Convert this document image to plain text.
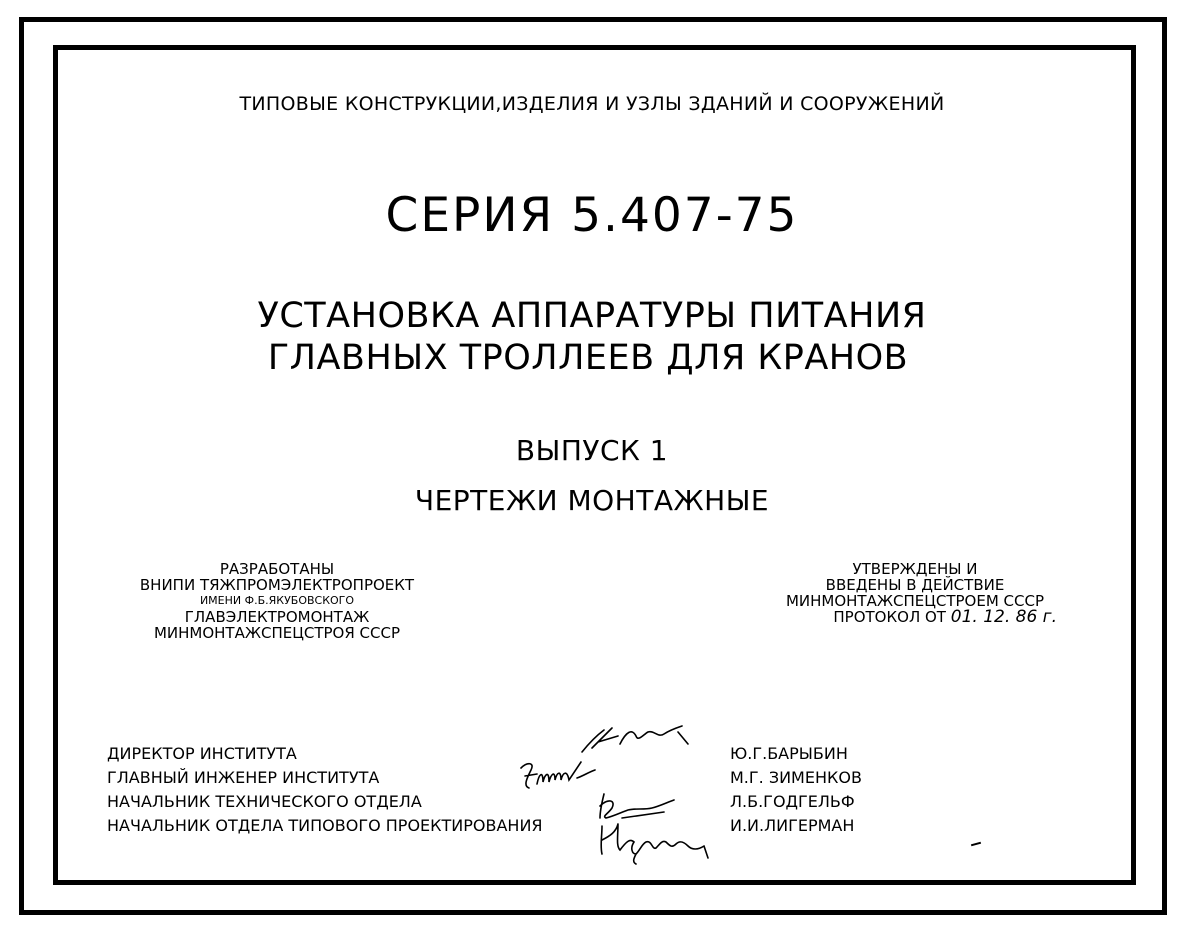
ТИПОВЫЕ КОНСТРУКЦИИ,ИЗДЕЛИЯ И УЗЛЫ ЗДАНИЙ И СООРУЖЕНИЙ
СЕРИЯ 5.407-75
УСТАНОВКА АППАРАТУРЫ ПИТАНИЯ
ГЛАВНЫХ ТРОЛЛЕЕВ ДЛЯ КРАНОВ
ВЫПУСК 1
ЧЕРТЕЖИ МОНТАЖНЫЕ
РАЗРАБОТАНЫ
ВНИПИ ТЯЖПРОМЭЛЕКТРОПРОЕКТ
ИМЕНИ Ф.Б.ЯКУБОВСКОГО
ГЛАВЭЛЕКТРОМОНТАЖ
МИНМОНТАЖСПЕЦСТРОЯ СССР
УТВЕРЖДЕНЫ И
ВВЕДЕНЫ В ДЕЙСТВИЕ
МИНМОНТАЖСПЕЦСТРОЕМ СССР
ПРОТОКОЛ ОТ 01. 12. 86 г.
ДИРЕКТОР ИНСТИТУТА
ГЛАВНЫЙ ИНЖЕНЕР ИНСТИТУТА
НАЧАЛЬНИК ТЕХНИЧЕСКОГО ОТДЕЛА
НАЧАЛЬНИК ОТДЕЛА ТИПОВОГО ПРОЕКТИРОВАНИЯ
Ю.Г.БАРЫБИН
М.Г. ЗИМЕНКОВ
Л.Б.ГОДГЕЛЬФ
И.И.ЛИГЕРМАН
